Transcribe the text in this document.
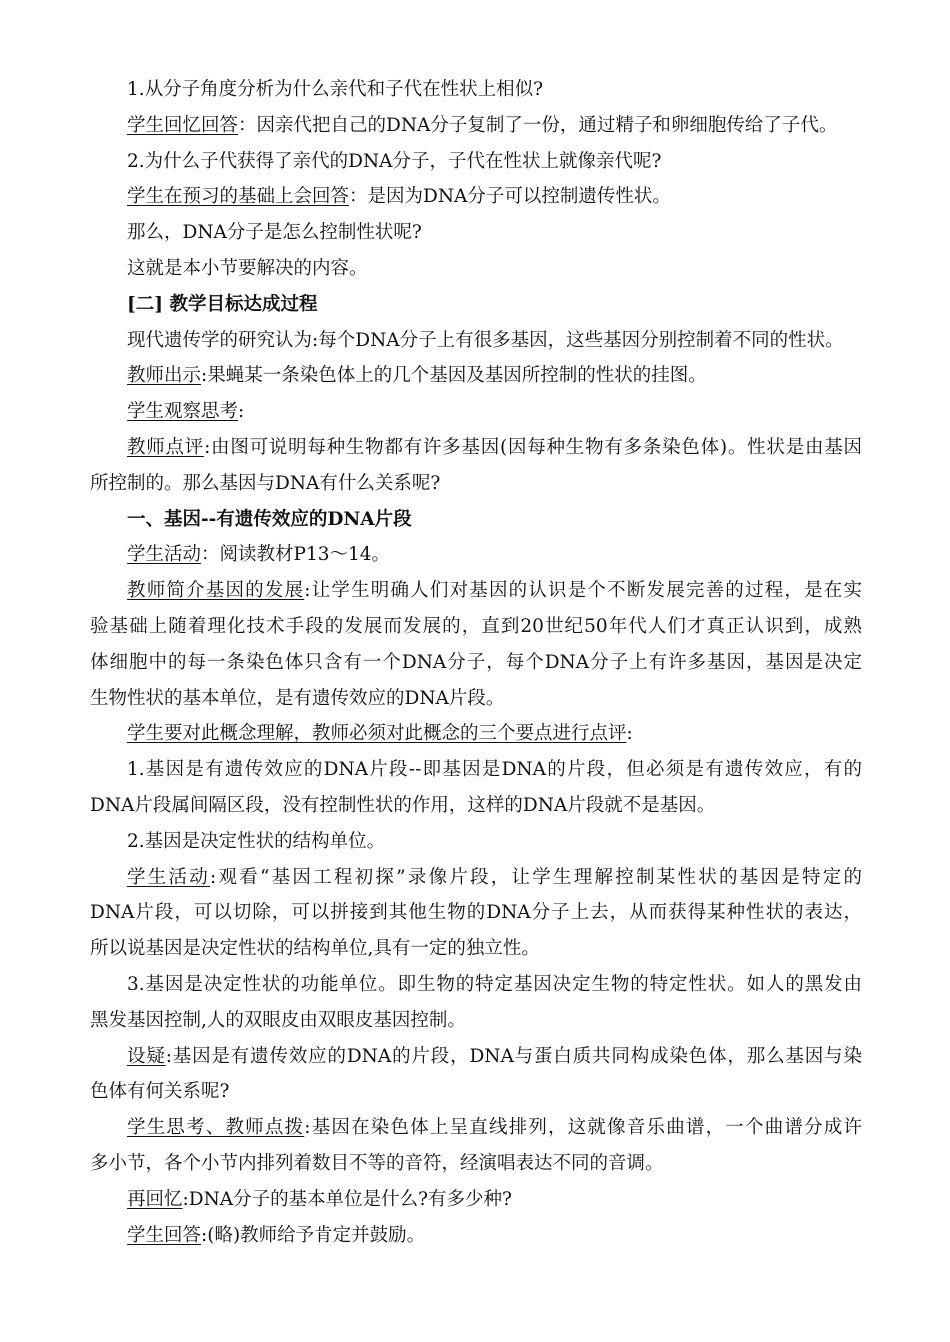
1.从分子角度分析为什么亲代和子代在性状上相似?
学生回忆回答：因亲代把自己的DNA分子复制了一份，通过精子和卵细胞传给了子代。
2.为什么子代获得了亲代的DNA分子，子代在性状上就像亲代呢?
学生在预习的基础上会回答：是因为DNA分子可以控制遗传性状。
那么，DNA分子是怎么控制性状呢?
这就是本小节要解决的内容。
[二] 教学目标达成过程
现代遗传学的研究认为:每个DNA分子上有很多基因，这些基因分别控制着不同的性状。
教师出示:果蝇某一条染色体上的几个基因及基因所控制的性状的挂图。
学生观察思考:
教师点评:由图可说明每种生物都有许多基因(因每种生物有多条染色体)。性状是由基因
所控制的。那么基因与DNA有什么关系呢?
一、基因--有遗传效应的DNA片段
学生活动：阅读教材P13～14。
教师简介基因的发展:让学生明确人们对基因的认识是个不断发展完善的过程，是在实
验基础上随着理化技术手段的发展而发展的，直到20世纪50年代人们才真正认识到，成熟
体细胞中的每一条染色体只含有一个DNA分子，每个DNA分子上有许多基因，基因是决定
生物性状的基本单位，是有遗传效应的DNA片段。
学生要对此概念理解，教师必须对此概念的三个要点进行点评:
1.基因是有遗传效应的DNA片段--即基因是DNA的片段，但必须是有遗传效应，有的
DNA片段属间隔区段，没有控制性状的作用，这样的DNA片段就不是基因。
2.基因是决定性状的结构单位。
学生活动:观看“基因工程初探”录像片段，让学生理解控制某性状的基因是特定的
DNA片段，可以切除，可以拼接到其他生物的DNA分子上去，从而获得某种性状的表达，
所以说基因是决定性状的结构单位,具有一定的独立性。
3.基因是决定性状的功能单位。即生物的特定基因决定生物的特定性状。如人的黑发由
黑发基因控制,人的双眼皮由双眼皮基因控制。
设疑:基因是有遗传效应的DNA的片段，DNA与蛋白质共同构成染色体，那么基因与染
色体有何关系呢?
学生思考、教师点拨:基因在染色体上呈直线排列，这就像音乐曲谱，一个曲谱分成许
多小节，各个小节内排列着数目不等的音符，经演唱表达不同的音调。
再回忆:DNA分子的基本单位是什么?有多少种?
学生回答:(略)教师给予肯定并鼓励。
